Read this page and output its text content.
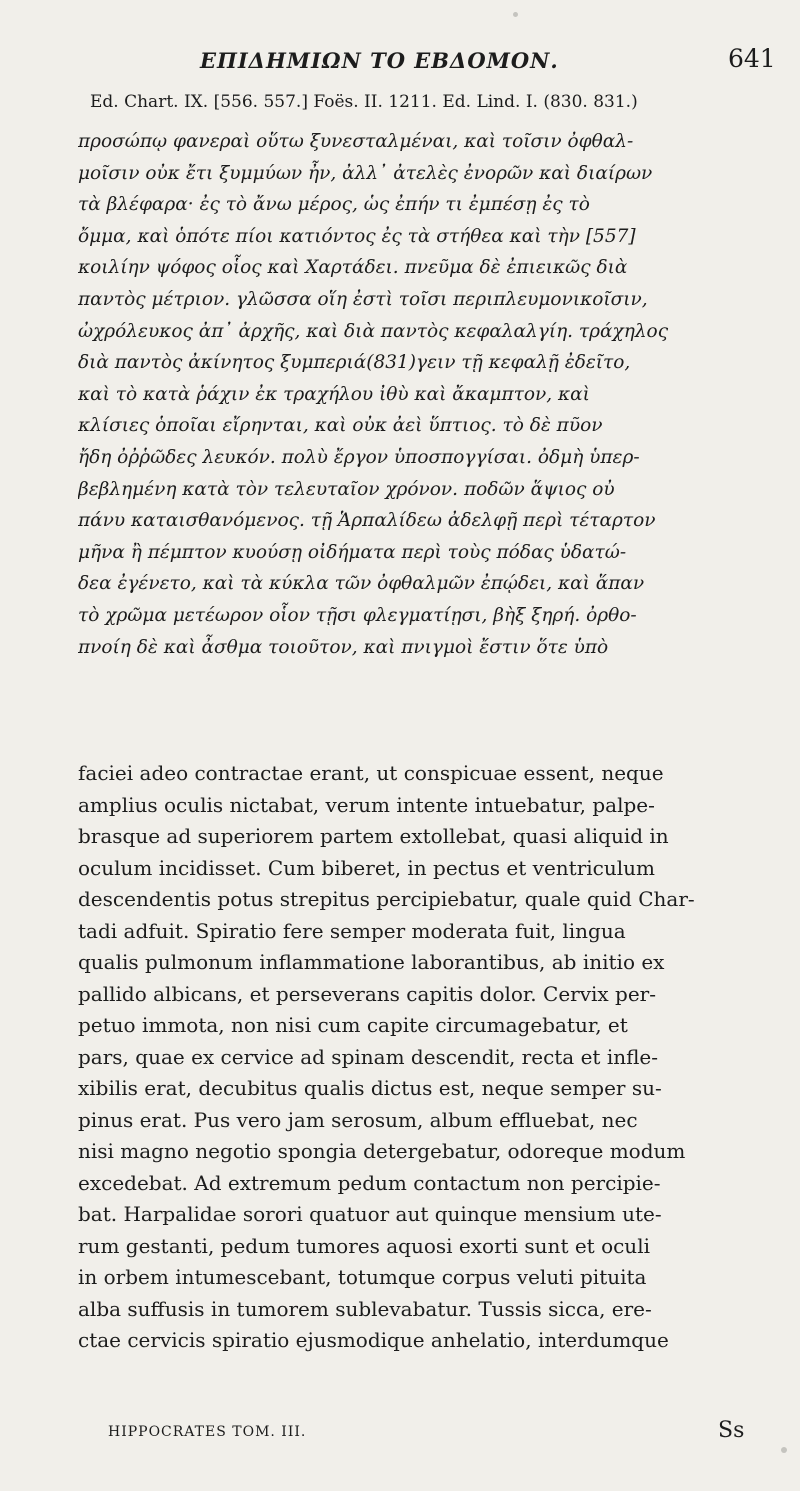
ΕΠΙΔΗΜΙΩΝ ΤΟ ΕΒΔΟΜΟΝ.	641
Ed. Chart. IX. [556. 557.] Foës. II. 1211. Ed. Lind. I. (830. 831.)
προσώπῳ φανεραὶ οὕτω ξυνεσταλμέναι, καὶ τοῖσιν ὀφθαλ-
μοῖσιν οὐκ ἔτι ξυμμύων ἦν, ἀλλ᾽ ἀτελὲς ἐνορῶν καὶ διαίρων
τὰ βλέφαρα· ἐς τὸ ἄνω μέρος, ὡς ἐπήν τι ἐμπέσῃ ἐς τὸ
ὄμμα, καὶ ὁπότε πίοι κατιόντος ἐς τὰ στήθεα καὶ τὴν [557]
κοιλίην ψόφος οἷος καὶ Χαρτάδει. πνεῦμα δὲ ἐπιεικῶς διὰ
παντὸς μέτριον. γλῶσσα οἵη ἐστὶ τοῖσι περιπλευμονικοῖσιν,
ὠχρόλευκος ἀπ᾽ ἀρχῆς, καὶ διὰ παντὸς κεφαλαλγίη. τράχηλος
διὰ παντὸς ἀκίνητος ξυμπεριά(831)γειν τῇ κεφαλῇ ἐδεῖτο,
καὶ τὸ κατὰ ῥάχιν ἐκ τραχήλου ἰθὺ καὶ ἄκαμπτον, καὶ
κλίσιες ὁποῖαι εἴρηνται, καὶ οὐκ ἀεὶ ὕπτιος. τὸ δὲ πῦον
ἤδη ὀῤῥῶδες λευκόν. πολὺ ἔργον ὑποσπογγίσαι. ὀδμὴ ὑπερ-
βεβλημένη κατὰ τὸν τελευταῖον χρόνον. ποδῶν ἅψιος οὐ
πάνυ καταισθανόμενος. τῇ Ἁρπαλίδεω ἀδελφῇ περὶ τέταρτον
μῆνα ἢ πέμπτον κυούσῃ οἰδήματα περὶ τοὺς πόδας ὑδατώ-
δεα ἐγένετο, καὶ τὰ κύκλα τῶν ὀφθαλμῶν ἐπῴδει, καὶ ἅπαν
τὸ χρῶμα μετέωρον οἷον τῇσι φλεγματίῃσι, βὴξ ξηρή. ὀρθο-
πνοίη δὲ καὶ ἆσθμα τοιοῦτον, καὶ πνιγμοὶ ἔστιν ὅτε ὑπὸ
faciei adeo contractae erant, ut conspicuae essent, neque
amplius oculis nictabat, verum intente intuebatur, palpe-
brasque ad superiorem partem extollebat, quasi aliquid in
oculum incidisset. Cum biberet, in pectus et ventriculum
descendentis potus strepitus percipiebatur, quale quid Char-
tadi adfuit. Spiratio fere semper moderata fuit, lingua
qualis pulmonum inflammatione laborantibus, ab initio ex
pallido albicans, et perseverans capitis dolor. Cervix per-
petuo immota, non nisi cum capite circumagebatur, et
pars, quae ex cervice ad spinam descendit, recta et infle-
xibilis erat, decubitus qualis dictus est, neque semper su-
pinus erat. Pus vero jam serosum, album effluebat, nec
nisi magno negotio spongia detergebatur, odoreque modum
excedebat. Ad extremum pedum contactum non percipie-
bat. Harpalidae sorori quatuor aut quinque mensium ute-
rum gestanti, pedum tumores aquosi exorti sunt et oculi
in orbem intumescebant, totumque corpus veluti pituita
alba suffusis in tumorem sublevabatur. Tussis sicca, ere-
ctae cervicis spiratio ejusmodique anhelatio, interdumque
HIPPOCRATES TOM. III.	Ss
